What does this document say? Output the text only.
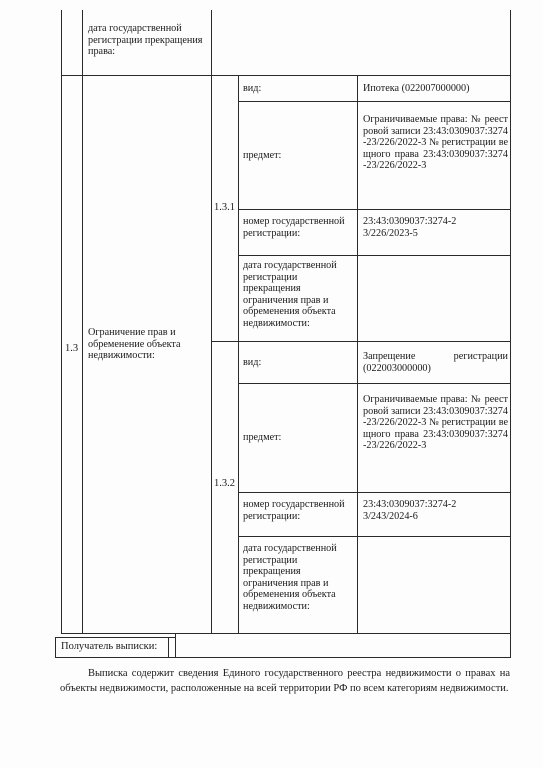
дата государственной регистрации прекращения права:
1.3
Ограничение прав и обременение объекта недвижимости:
1.3.1
вид:	Ипотека (022007000000)
предмет:
Ограничиваемые права: № реестровой записи 23:43:0309037:3274-23/226/2022-3 № регистрации вещного права 23:43:0309037:3274-23/226/2022-3
номер государственной регистрации:
23:43:0309037:3274-23/226/2023-5
дата государственной регистрации прекращения ограничения прав и обременения объекта недвижимости:
1.3.2
вид:
Запрещение регистрации (022003000000)
предмет:
Ограничиваемые права: № реестровой записи 23:43:0309037:3274-23/226/2022-3 № регистрации вещного права 23:43:0309037:3274-23/226/2022-3
номер государственной регистрации:
23:43:0309037:3274-23/243/2024-6
дата государственной регистрации прекращения ограничения прав и обременения объекта недвижимости:
Получатель выписки:
Выписка содержит сведения Единого государственного реестра недвижимости о правах на объекты недвижимости, расположенные на всей территории РФ по всем категориям недвижимости.
